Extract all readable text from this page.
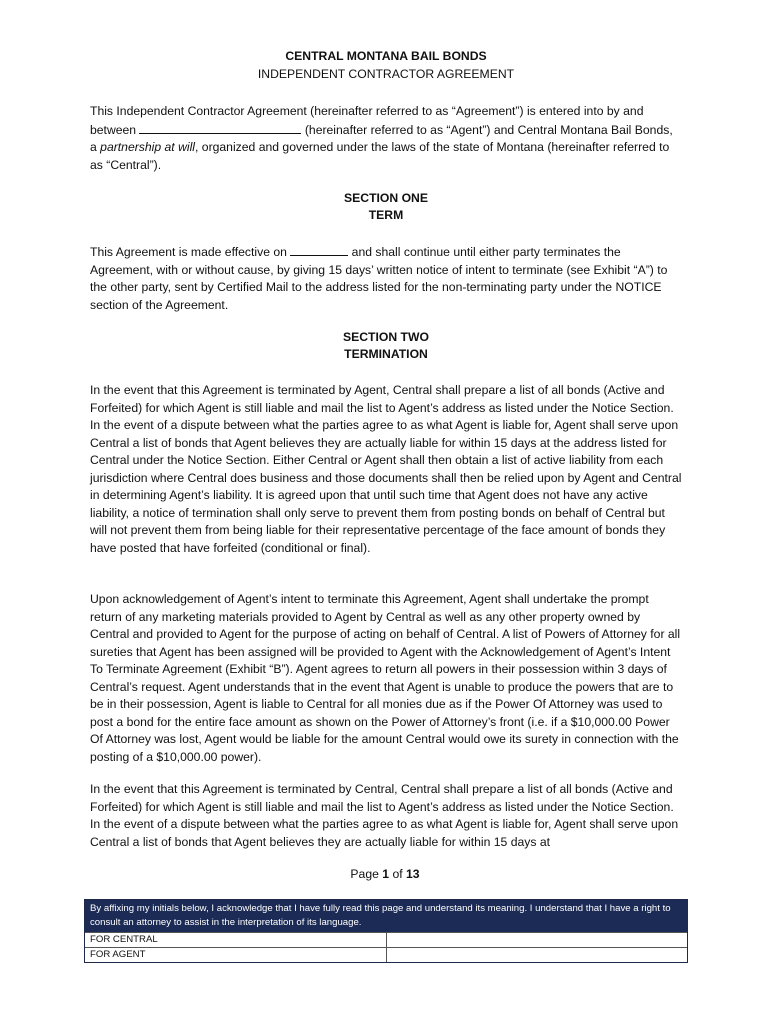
CENTRAL MONTANA BAIL BONDS

INDEPENDENT CONTRACTOR AGREEMENT

This Independent Contractor Agreement (hereinafter referred to as “Agreement”) is entered into by and between	(hereinafter referred to as “Agent”) and Central Montana Bail Bonds, a partnership at will, organized and governed under the laws of the state of Montana (hereinafter referred to as “Central”).

SECTION ONE

TERM

This Agreement is made effective on	and shall continue until either party terminates the Agreement, with or without cause, by giving 15 days’ written notice of intent to terminate (see Exhibit “A”) to the other party, sent by Certified Mail to the address listed for the non-terminating party under the NOTICE section of the Agreement.

SECTION TWO

TERMINATION

In the event that this Agreement is terminated by Agent, Central shall prepare a list of all bonds (Active and Forfeited) for which Agent is still liable and mail the list to Agent’s address as listed under the Notice Section. In the event of a dispute between what the parties agree to as what Agent is liable for, Agent shall serve upon Central a list of bonds that Agent believes they are actually liable for within 15 days at the address listed for Central under the Notice Section. Either Central or Agent shall then obtain a list of active liability from each jurisdiction where Central does business and those documents shall then be relied upon by Agent and Central in determining Agent’s liability. It is agreed upon that until such time that Agent does not have any active liability, a notice of termination shall only serve to prevent them from posting bonds on behalf of Central but will not prevent them from being liable for their representative percentage of the face amount of bonds they have posted that have forfeited (conditional or final).

Upon acknowledgement of Agent’s intent to terminate this Agreement, Agent shall undertake the prompt return of any marketing materials provided to Agent by Central as well as any other property owned by Central and provided to Agent for the purpose of acting on behalf of Central. A list of Powers of Attorney for all sureties that Agent has been assigned will be provided to Agent with the Acknowledgement of Agent’s Intent To Terminate Agreement (Exhibit “B”). Agent agrees to return all powers in their possession within 3 days of Central’s request. Agent understands that in the event that Agent is unable to produce the powers that are to be in their possession, Agent is liable to Central for all monies due as if the Power Of Attorney was used to post a bond for the entire face amount as shown on the Power of Attorney’s front (i.e. if a $10,000.00 Power Of Attorney was lost, Agent would be liable for the amount Central would owe its surety in connection with the posting of a $10,000.00 power).

In the event that this Agreement is terminated by Central, Central shall prepare a list of all bonds (Active and Forfeited) for which Agent is still liable and mail the list to Agent’s address as listed under the Notice Section. In the event of a dispute between what the parties agree to as what Agent is liable for, Agent shall serve upon Central a list of bonds that Agent believes they are actually liable for within 15 days at

Page 1 of 13
By affixing my initials below, I acknowledge that I have fully read this page and understand its meaning. I understand that I have a right to consult an attorney to assist in the interpretation of its language.
FOR CENTRAL
FOR AGENT
